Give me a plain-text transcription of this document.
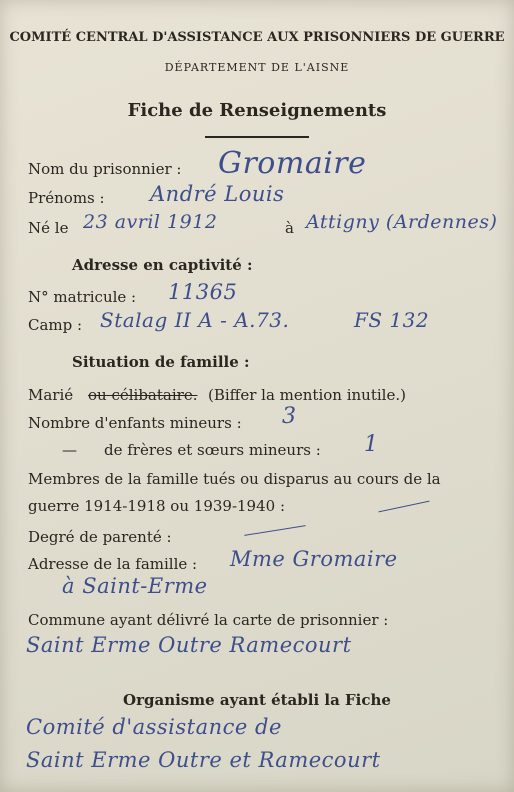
COMITÉ CENTRAL D'ASSISTANCE AUX PRISONNIERS DE GUERRE
DÉPARTEMENT DE L'AISNE
Fiche de Renseignements
Nom du prisonnier : Gromaire
Prénoms : André Louis
Né le 23 avril 1912	à Attigny (Ardennes)
Adresse en captivité :
N° matricule : 11365
Camp : Stalag II A - A.73.	FS 132
Situation de famille :
Marié ou célibataire. (Biffer la mention inutile.)
Nombre d'enfants mineurs : 3
— de frères et sœurs mineurs : 1
Membres de la famille tués ou disparus au cours de la
guerre 1914-1918 ou 1939-1940 :
Degré de parenté :
Adresse de la famille : Mme Gromaire
à Saint-Erme
Commune ayant délivré la carte de prisonnier :
Saint Erme Outre Ramecourt
Organisme ayant établi la Fiche
Comité d'assistance de
Saint Erme Outre et Ramecourt
